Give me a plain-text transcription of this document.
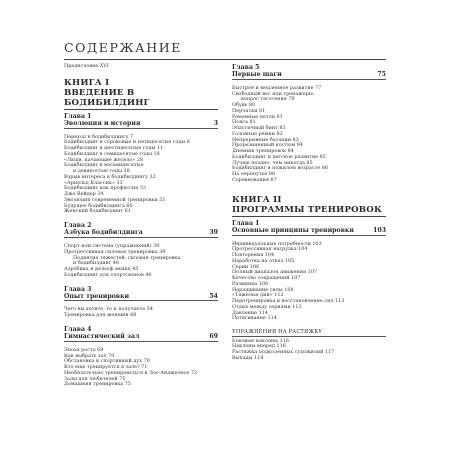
СОДЕРЖАНИЕ
Предисловие XVI
КНИГА I
ВВЕДЕНИЕ В БОДИБИЛДИНГ
Глава 1
Эволюция и история	3
Переход к бодибилдингу 7
Бодибилдинг в сороковые и пятидесятые годы 8
Бодибилдинг в шестидесятые годы 11
Бодибилдинг в семидесятые годы 18
«Люди, качающие железо» 28
Бодибилдинг в восьмидесятые
и девяностые годы 28
Взрыв интереса к бодибилдингу 32
«Арнольд Классик» 33
Бодибилдинг как профессия 33
Джо Вейдер 34
Эволюция современной тренировки 51
Будущее бодибилдинга 60
Женский бодибилдинг 61
Глава 2
Азбука бодибилдинга	39
Спорт или система (упражнений) 39
Прогрессивная силовая тренировка 39
Поднятие тяжестей, силовая тренировка
и бодибилдинг 40
Аэробика и рельеф мышц 45
Бодибилдинг для спортсменов 46
Глава 3
Опыт тренировки	54
Чего вы хотите, то и получаете 54
Тренировка для женщин 68
Глава 4
Гимнастический зал	69
Эпоха роста 69
Как выбрать зал 70
Обстановка и спортивный дух 70
Кто еще тренируется в зале? 71
Необязательно тренироваться в Лос-Анджелесе 72
Залы для любителей 75
Домашняя тренировка 75
Глава 5
Первые шаги	75
Быстрое и медленное развитие 77
Свободный вес или тренажеры:
вопрос тяготения 79
Обувь 80
Перчатки 81
Ременные петли 81
Пояса 81
Эластичный бинт 83
Головные ремни 83
Непрерывные батации 83
Прорезиненный костюм 84
Дневник тренировок 84
Бодибилдинг и детское развитие 85
Лучше поздно, чем никогда 85
Бодибилдинг в пожилом возрасте 86
На перепутье 86
Соревнования 87
КНИГА II
ПРОГРАММЫ ТРЕНИРОВОК
Глава 1
Основные принципы тренировки	103
Индивидуальные потребности 103
Прогрессивная нагрузка 104
Повторения 104
Наработка на отказ 105
Серии 106
Полный диапазон движения 107
Качество сокращений 107
Разминка 108
Наращивание силы 108
«Тяжелые дни» 112
Перетренировка и восстановление сил 113
Отдых между сериями 113
Давление 114
Потягивание 114
УПРАЖНЕНИЯ НА РАСТЯЖКУ
Боковые наклоны 116
Наклоны вперед 116
Растяжка подколенных сухожилий 117
Выпады 118
